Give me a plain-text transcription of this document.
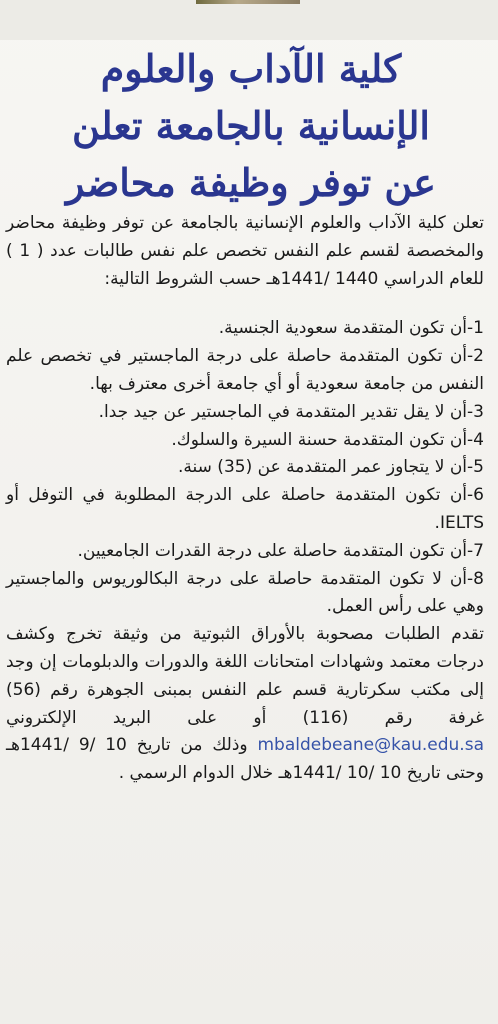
كلية الآداب والعلوم
الإنسانية بالجامعة تعلن
عن توفر وظيفة محاضر

تعلن كلية الآداب والعلوم الإنسانية بالجامعة عن توفر وظيفة محاضر والمخصصة لقسم علم النفس تخصص علم نفس طالبات عدد ( 1 ) للعام الدراسي 1440 /1441هـ حسب الشروط التالية:

1-أن تكون المتقدمة سعودية الجنسية.
2-أن تكون المتقدمة حاصلة على درجة الماجستير في تخصص علم النفس من جامعة سعودية أو أي جامعة أخرى معترف بها.
3-أن لا يقل تقدير المتقدمة في الماجستير عن جيد جدا.
4-أن تكون المتقدمة حسنة السيرة والسلوك.
5-أن لا يتجاوز عمر المتقدمة عن (35) سنة.
6-أن تكون المتقدمة حاصلة على الدرجة المطلوبة في التوفل أو IELTS.
7-أن تكون المتقدمة حاصلة على درجة القدرات الجامعيين.
8-أن لا تكون المتقدمة حاصلة على درجة البكالوريوس والماجستير وهي على رأس العمل.

تقدم الطلبات مصحوبة بالأوراق الثبوتية من وثيقة تخرج وكشف درجات معتمد وشهادات امتحانات اللغة والدورات والدبلومات إن وجد إلى مكتب سكرتارية قسم علم النفس بمبنى الجوهرة رقم (56) غرفة رقم (116) أو على البريد الإلكتروني mbaldebeane@kau.edu.sa وذلك من تاريخ 10 /9 /1441هـ وحتى تاريخ 10 /10 /1441هـ خلال الدوام الرسمي .
